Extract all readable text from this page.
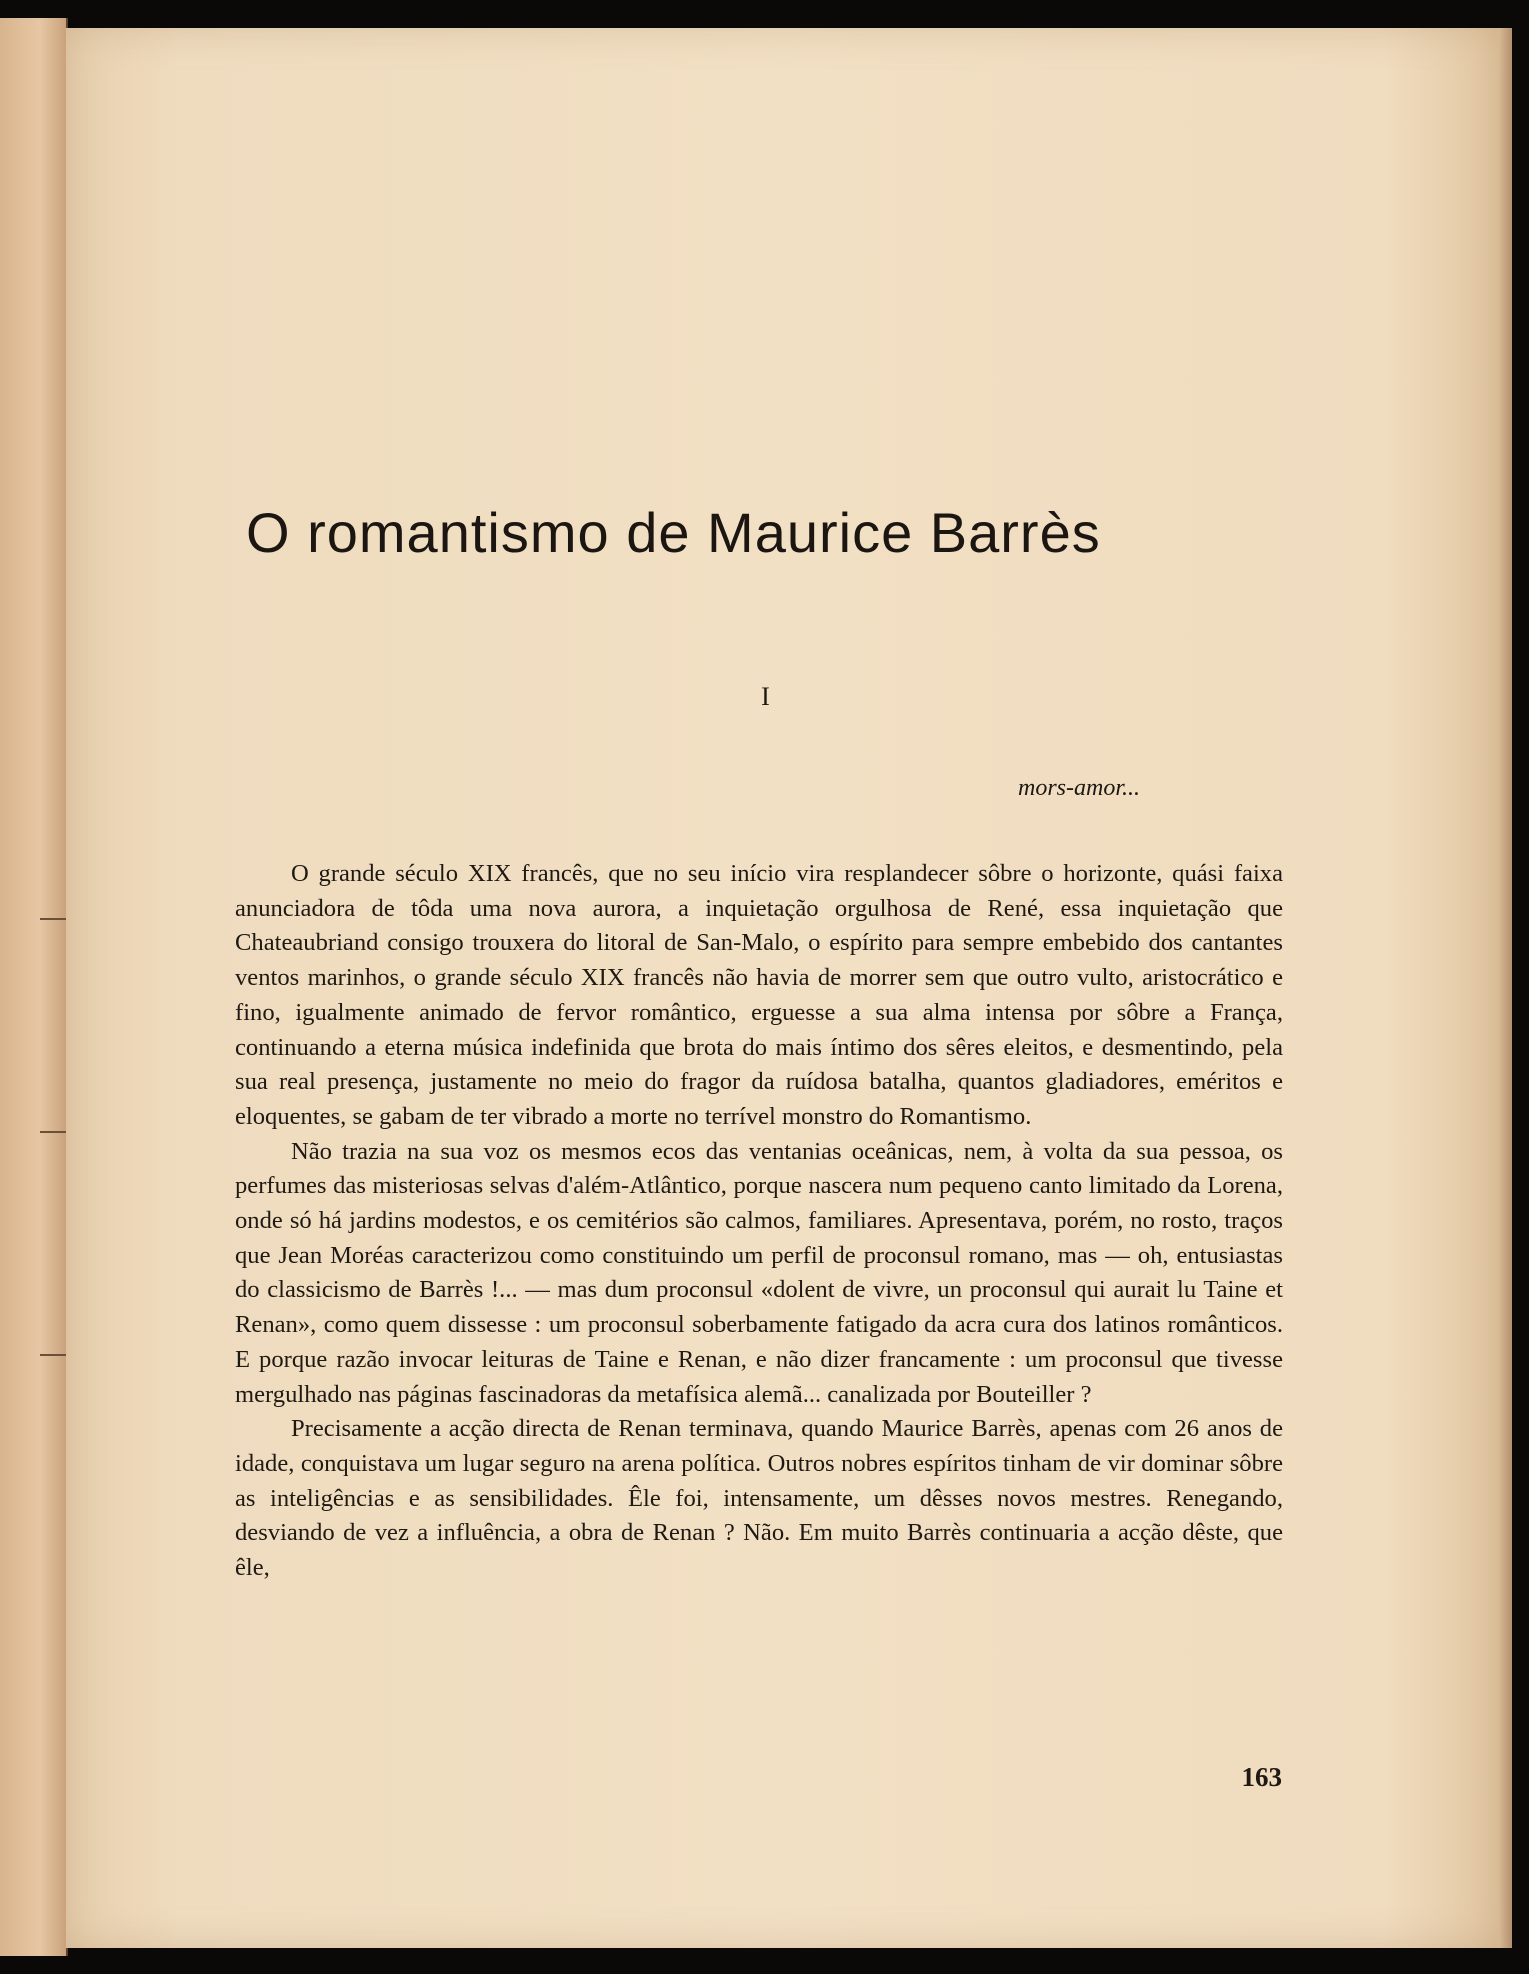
O romantismo de Maurice Barrès
I
mors-amor...

O grande século XIX francês, que no seu início vira resplandecer sôbre o horizonte, quási faixa anunciadora de tôda uma nova aurora, a inquietação orgulhosa de René, essa inquietação que Chateaubriand consigo trouxera do litoral de San-Malo, o espírito para sempre embebido dos cantantes ventos marinhos, o grande século XIX francês não havia de morrer sem que outro vulto, aristocrático e fino, igualmente animado de fervor romântico, erguesse a sua alma intensa por sôbre a França, continuando a eterna música indefinida que brota do mais íntimo dos sêres eleitos, e desmentindo, pela sua real presença, justamente no meio do fragor da ruídosa batalha, quantos gladiadores, eméritos e eloquentes, se gabam de ter vibrado a morte no terrível monstro do Romantismo.

Não trazia na sua voz os mesmos ecos das ventanias oceânicas, nem, à volta da sua pessoa, os perfumes das misteriosas selvas d'além-Atlântico, porque nascera num pequeno canto limitado da Lorena, onde só há jardins modestos, e os cemitérios são calmos, familiares. Apresentava, porém, no rosto, traços que Jean Moréas caracterizou como constituindo um perfil de proconsul romano, mas — oh, entusiastas do classicismo de Barrès !... — mas dum proconsul «dolent de vivre, un proconsul qui aurait lu Taine et Renan», como quem dissesse : um proconsul soberbamente fatigado da acra cura dos latinos românticos. E porque razão invocar leituras de Taine e Renan, e não dizer francamente : um proconsul que tivesse mergulhado nas páginas fascinadoras da metafísica alemã... canalizada por Bouteiller ?

Precisamente a acção directa de Renan terminava, quando Maurice Barrès, apenas com 26 anos de idade, conquistava um lugar seguro na arena política. Outros nobres espíritos tinham de vir dominar sôbre as inteligências e as sensibilidades. Êle foi, intensamente, um dêsses novos mestres. Renegando, desviando de vez a influência, a obra de Renan ? Não. Em muito Barrès continuaria a acção dêste, que êle,

163
